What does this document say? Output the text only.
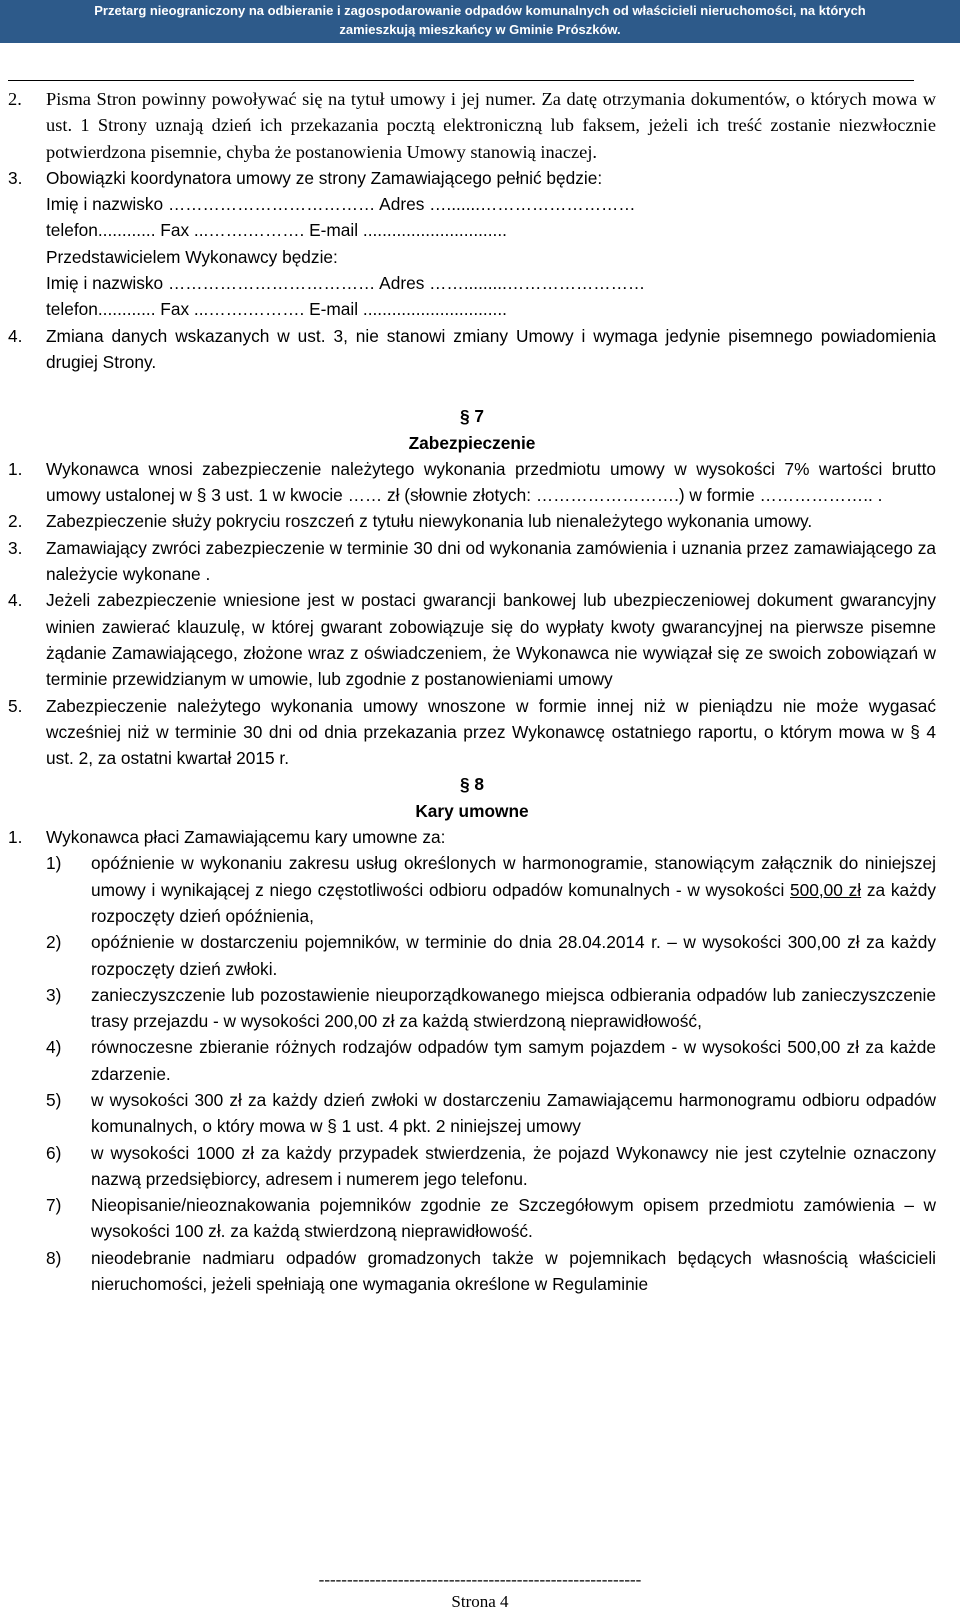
Przetarg nieograniczony na odbieranie i zagospodarowanie odpadów komunalnych od właścicieli nieruchomości, na których
zamieszkują mieszkańcy w Gminie Prószków.
2.	Pisma Stron powinny powoływać się na tytuł umowy i jej numer. Za datę otrzymania dokumentów, o których mowa w ust. 1 Strony uznają dzień ich przekazania pocztą elektroniczną lub faksem, jeżeli ich treść zostanie niezwłocznie potwierdzona pisemnie, chyba że postanowienia Umowy stanowią inaczej.
3.	Obowiązki koordynatora umowy ze strony Zamawiającego pełnić będzie:
Imię i nazwisko ……………………………… Adres ….......………………………
telefon............ Fax ...…….………. E-mail ..............................
Przedstawicielem Wykonawcy będzie:
Imię i nazwisko ……………………………… Adres …….........……………………
telefon............ Fax ...…….………. E-mail ..............................
4.	Zmiana danych wskazanych w ust. 3, nie stanowi zmiany Umowy i wymaga jedynie pisemnego powiadomienia drugiej Strony.
§ 7
Zabezpieczenie
1.	Wykonawca wnosi zabezpieczenie należytego wykonania przedmiotu umowy w wysokości 7% wartości brutto umowy ustalonej w § 3 ust. 1 w kwocie …… zł (słownie złotych: …………………….) w formie ……………….. .
2.	Zabezpieczenie służy pokryciu roszczeń z tytułu niewykonania lub nienależytego wykonania umowy.
3.	Zamawiający zwróci zabezpieczenie w terminie 30 dni od wykonania zamówienia i uznania przez zamawiającego za należycie wykonane .
4.	Jeżeli zabezpieczenie wniesione jest w postaci gwarancji bankowej lub ubezpieczeniowej dokument gwarancyjny winien zawierać klauzulę, w której gwarant zobowiązuje się do wypłaty kwoty gwarancyjnej na pierwsze pisemne żądanie Zamawiającego, złożone wraz z oświadczeniem, że Wykonawca nie wywiązał się ze swoich zobowiązań w terminie przewidzianym w umowie, lub zgodnie z postanowieniami umowy
5.	Zabezpieczenie należytego wykonania umowy wnoszone w formie innej niż w pieniądzu nie może wygasać wcześniej niż w terminie 30 dni od dnia przekazania przez Wykonawcę ostatniego raportu, o którym mowa w § 4 ust. 2, za ostatni kwartał 2015 r.
§ 8
Kary umowne
1.	Wykonawca płaci Zamawiającemu kary umowne za:
1)	opóźnienie w wykonaniu zakresu usług określonych w harmonogramie, stanowiącym załącznik do niniejszej umowy i wynikającej z niego częstotliwości odbioru odpadów komunalnych - w wysokości 500,00 zł za każdy rozpoczęty dzień opóźnienia,
2)	opóźnienie w dostarczeniu pojemników, w terminie do dnia 28.04.2014 r. – w wysokości 300,00 zł za każdy rozpoczęty dzień zwłoki.
3)	zanieczyszczenie lub pozostawienie nieuporządkowanego miejsca odbierania odpadów lub zanieczyszczenie trasy przejazdu - w wysokości 200,00 zł za każdą stwierdzoną nieprawidłowość,
4)	równoczesne zbieranie różnych rodzajów odpadów tym samym pojazdem - w wysokości 500,00 zł za każde zdarzenie.
5)	w wysokości 300 zł za każdy dzień zwłoki w dostarczeniu Zamawiającemu harmonogramu odbioru odpadów komunalnych, o który mowa w § 1 ust. 4 pkt. 2 niniejszej umowy
6)	w wysokości 1000 zł za każdy przypadek stwierdzenia, że pojazd Wykonawcy nie jest czytelnie oznaczony nazwą przedsiębiorcy, adresem i numerem jego telefonu.
7)	Nieopisanie/nieoznakowania pojemników zgodnie ze Szczegółowym opisem przedmiotu zamówienia – w wysokości 100 zł. za każdą stwierdzoną nieprawidłowość.
8)	nieodebranie nadmiaru odpadów gromadzonych także w pojemnikach będących własnością właścicieli nieruchomości, jeżeli spełniają one wymagania określone w Regulaminie
---------------------------------------------------------
Strona 4
